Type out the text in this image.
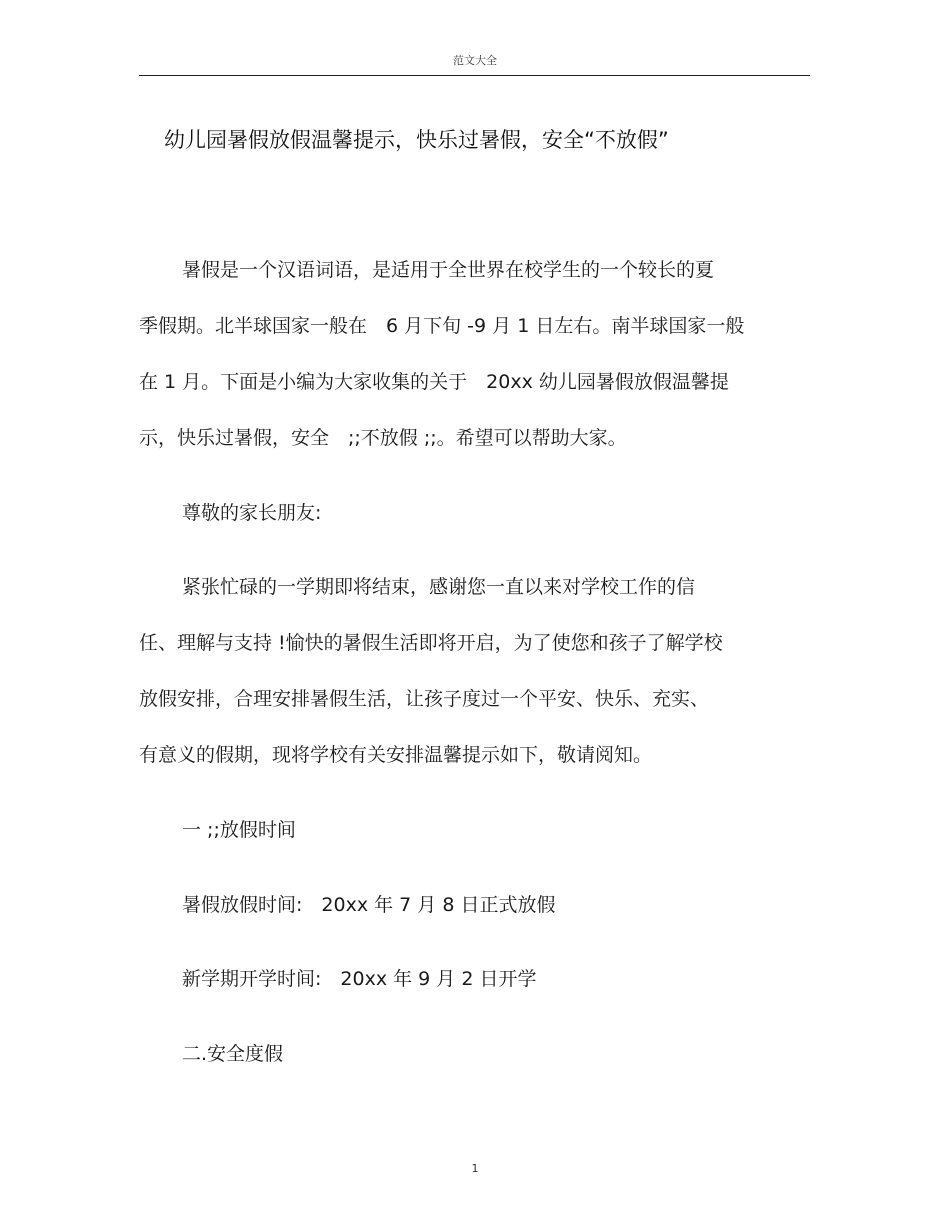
范文大全
幼儿园暑假放假温馨提示，快乐过暑假，安全“不放假”
暑假是一个汉语词语，是适用于全世界在校学生的一个较长的夏
季假期。北半球国家一般在　6 月下旬 -9 月 1 日左右。南半球国家一般
在 1 月。下面是小编为大家收集的关于　20xx 幼儿园暑假放假温馨提
示，快乐过暑假，安全　;;不放假 ;;。希望可以帮助大家。
尊敬的家长朋友:
紧张忙碌的一学期即将结束，感谢您一直以来对学校工作的信
任、理解与支持 !愉快的暑假生活即将开启，为了使您和孩子了解学校
放假安排，合理安排暑假生活，让孩子度过一个平安、快乐、充实、
有意义的假期，现将学校有关安排温馨提示如下，敬请阅知。
一 ;;放假时间
暑假放假时间:　20xx 年 7 月 8 日正式放假
新学期开学时间:　20xx 年 9 月 2 日开学
二.安全度假
1
